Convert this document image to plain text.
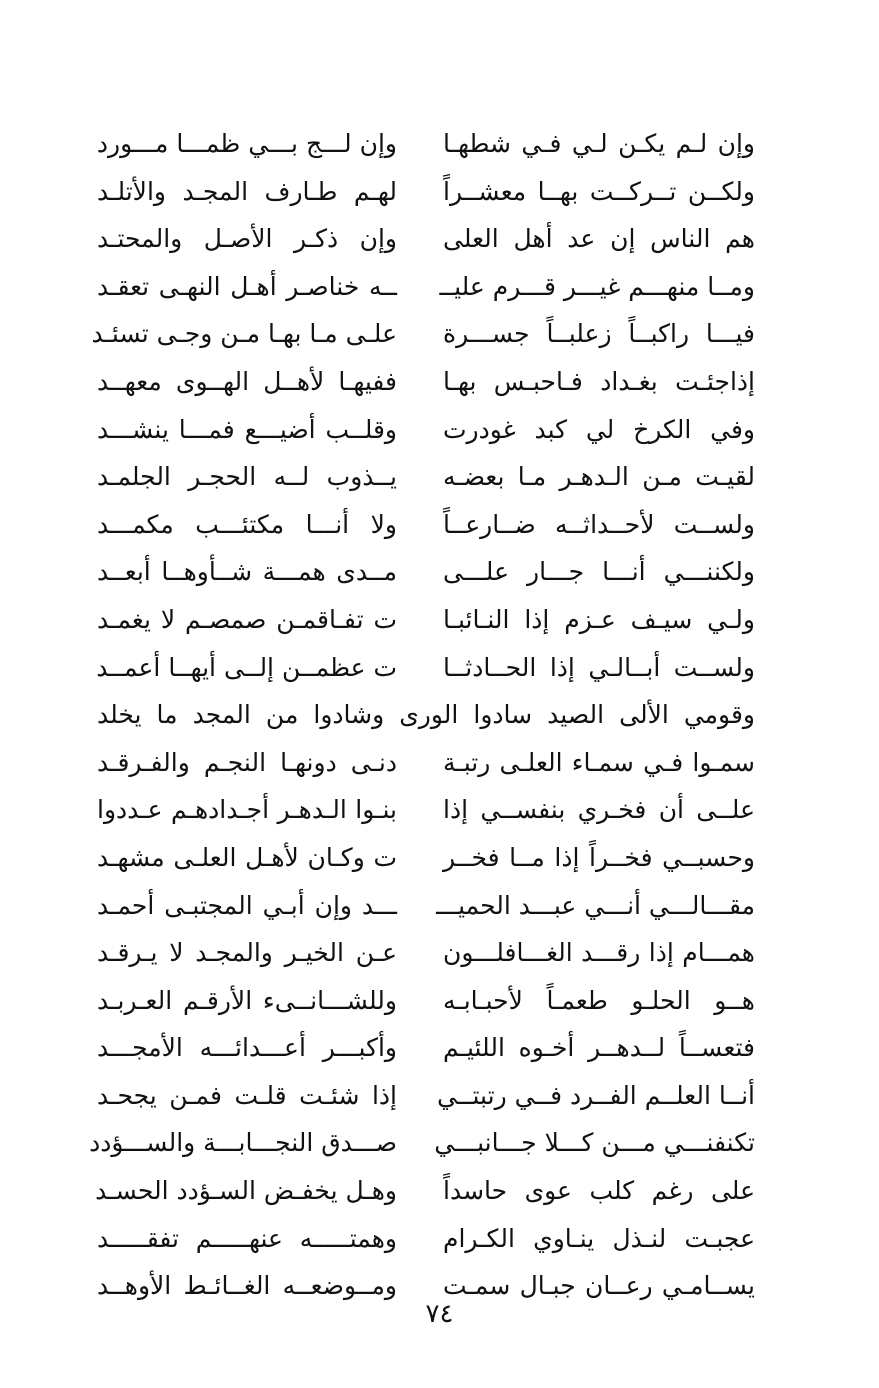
وإن لـم يكـن لـي فـي شطهـا
وإن لـــج بـــي ظمـــا مـــورد
ولكــن تــركــت بهــا معشــراً
لهـم طـارف المجـد والأتلـد
هم الناس إن عد أهل العلى
وإن ذكـر الأصـل والمحتـد
ومــا منهـــم غيـــر قـــرم عليــ
ــه خناصـر أهـل النهـى تعقـد
فيـــا راكبــاً زعلبــاً جســـرة
علـى مـا بهـا مـن وجـى تسئـد
إذاجئـت بغـداد فـاحبـس بهـا
ففيهـا لأهــل الهــوى معهــد
وفي الكرخ لي كبد غودرت
وقلــب أضيـــع فمـــا ينشـــد
لقيـت مـن الـدهـر مـا بعضـه
يــذوب لــه الحجـر الجلمـد
ولســت لأحــداثــه ضــارعــاً
ولا أنـــا مكتئـــب مكمـــد
ولكننـــي أنـــا جـــار علـــى
مــدى همـــة شــأوهــا أبعــد
ولـي سيـف عـزم إذا النـائبـا
ت تفـاقمـن صمصـم لا يغمـد
ولســت أبــالـي إذا الحــادثــا
ت عظمــن إلــى أيهــا أعمــد
وقومي الألى الصيد سادوا الورى وشادوا من المجد ما يخلد
سمـوا فـي سمـاء العلـى رتبـة
دنـى دونهـا النجـم والفـرقـد
علــى أن فخـري بنفســي إذا
بنـوا الـدهـر أجـدادهـم عـددوا
وحسبــي فخــراً إذا مــا فخــر
ت وكـان لأهـل العلـى مشهـد
مقـــالـــي أنـــي عبـــد الحميـــ
ـــد وإن أبـي المجتبـى أحمـد
همـــام إذا رقـــد الغـــافلـــون
عـن الخيـر والمجـد لا يـرقـد
هــو الحلـو طعمـاً لأحبـابـه
وللشـــانــىء الأرقـم العـربـد
فتعســاً لــدهــر أخـوه اللئيـم
وأكبـــر أعـــدائـــه الأمجـــد
أنــا العلــم الفــرد فــي رتبتــي
إذا شئـت قلـت فمـن يجحـد
تكنفنـــي مـــن كـــلا جـــانبـــي
صـــدق النجـــابـــة والســـؤدد
على رغم كلب عوى حاسداً
وهـل يخفـض السـؤدد الحسـد
عجبـت لنـذل ينـاوي الكـرام
وهمتـــــه عنهـــــم تفقـــــد
يســامـي رعــان جبـال سمـت
ومــوضعــه الغــائـط الأوهــد
٧٤
